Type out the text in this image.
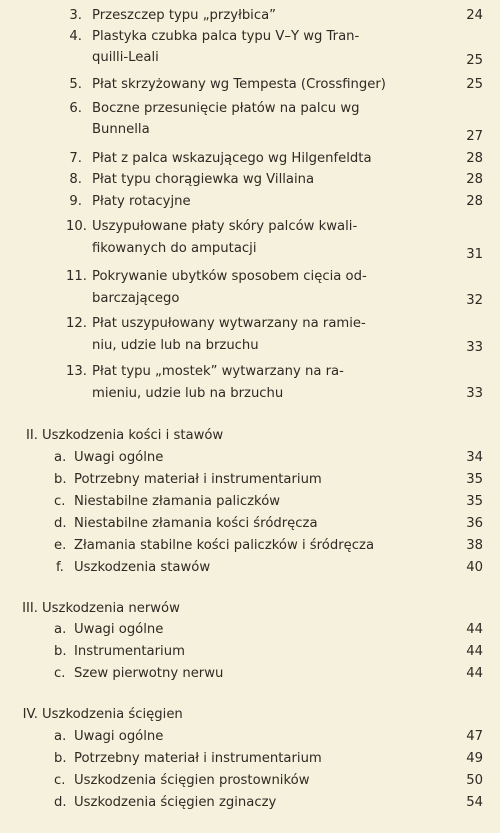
3. Przeszczep typu „przyłbica”	24
4. Plastyka czubka palca typu V–Y wg Tran-
quilli-Leali	25
5. Płat skrzyżowany wg Tempesta (Crossfinger)	25
6. Boczne przesunięcie płatów na palcu wg
Bunnella	27
7. Płat z palca wskazującego wg Hilgenfeldta	28
8. Płat typu chorągiewka wg Villaina	28
9. Płaty rotacyjne	28
10. Uszypułowane płaty skóry palców kwali-
fikowanych do amputacji	31
11. Pokrywanie ubytków sposobem cięcia od-
barczającego	32
12. Płat uszypułowany wytwarzany na ramie-
niu, udzie lub na brzuchu	33
13. Płat typu „mostek” wytwarzany na ra-
mieniu, udzie lub na brzuchu	33
II. Uszkodzenia kości i stawów
a. Uwagi ogólne	34
b. Potrzebny materiał i instrumentarium	35
c. Niestabilne złamania paliczków	35
d. Niestabilne złamania kości śródręcza	36
e. Złamania stabilne kości paliczków i śródręcza	38
f. Uszkodzenia stawów	40
III. Uszkodzenia nerwów
a. Uwagi ogólne	44
b. Instrumentarium	44
c. Szew pierwotny nerwu	44
IV. Uszkodzenia ścięgien
a. Uwagi ogólne	47
b. Potrzebny materiał i instrumentarium	49
c. Uszkodzenia ścięgien prostowników	50
d. Uszkodzenia ścięgien zginaczy	54
